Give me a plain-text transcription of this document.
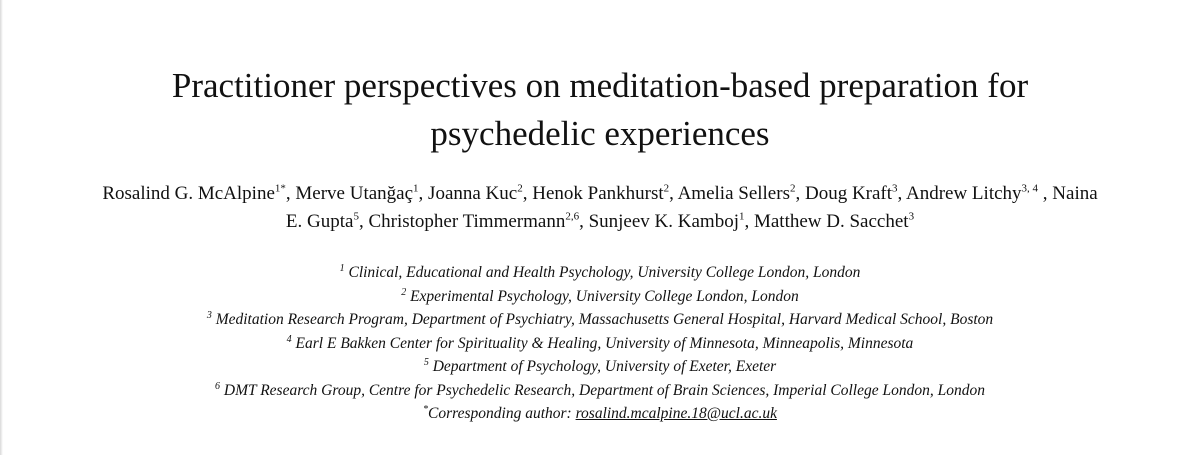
Practitioner perspectives on meditation-based preparation for
psychedelic experiences

Rosalind G. McAlpine$^{1*}$, Merve Utanğaç$^1$, Joanna Kuc$^2$, Henok Pankhurst$^2$, Amelia Sellers$^2$, Doug Kraft$^3$, Andrew Litchy$^{3, 4}$ , Naina E. Gupta$^5$, Christopher Timmermann$^{2,6}$, Sunjeev K. Kamboj$^1$, Matthew D. Sacchet$^3$

$^1$ Clinical, Educational and Health Psychology, University College London, London
$^2$ Experimental Psychology, University College London, London
$^3$ Meditation Research Program, Department of Psychiatry, Massachusetts General Hospital, Harvard Medical School, Boston
$^4$ Earl E Bakken Center for Spirituality & Healing, University of Minnesota, Minneapolis, Minnesota
$^5$ Department of Psychology, University of Exeter, Exeter
$^6$ DMT Research Group, Centre for Psychedelic Research, Department of Brain Sciences, Imperial College London, London
*Corresponding author: rosalind.mcalpine.18@ucl.ac.uk
